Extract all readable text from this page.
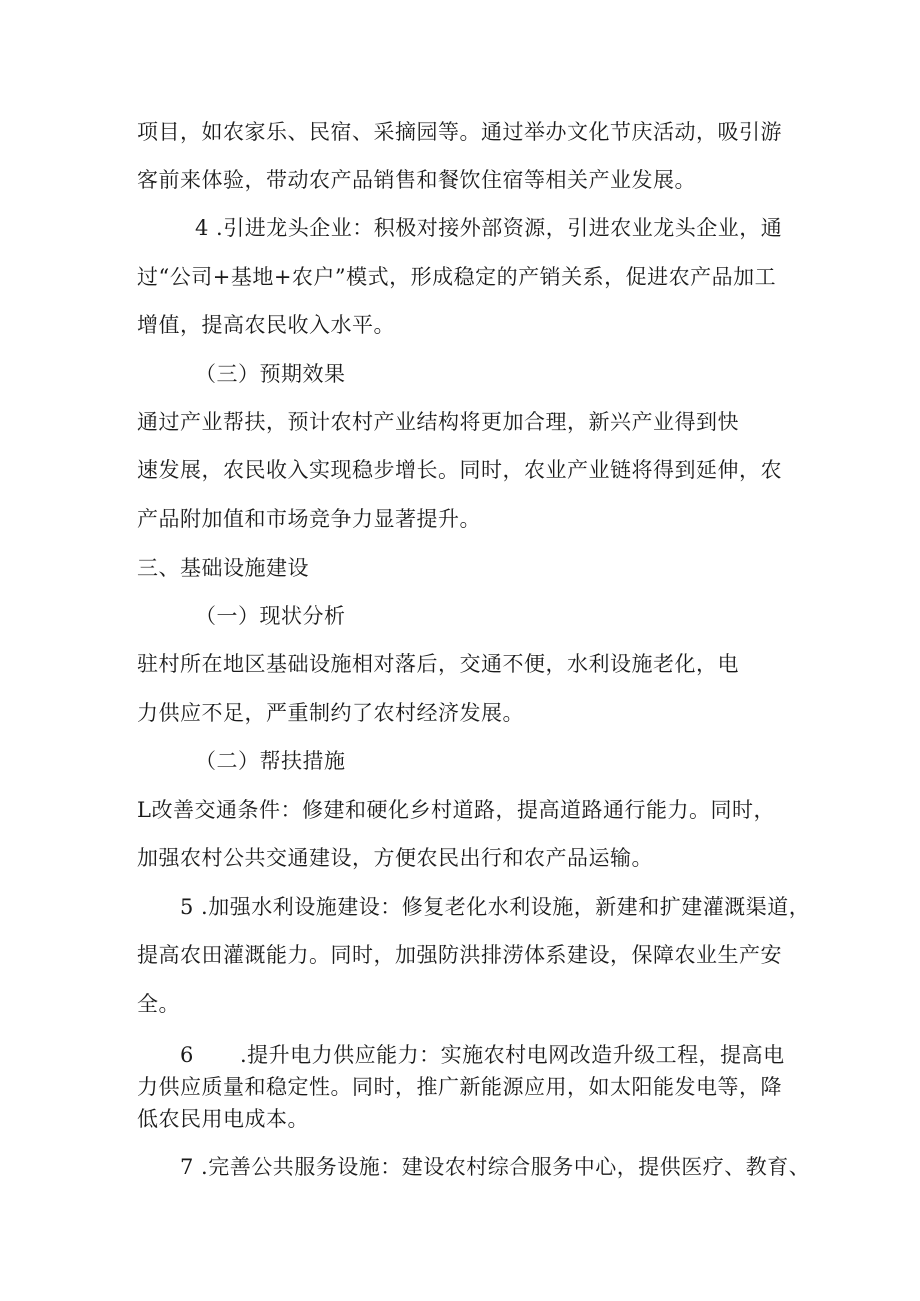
项目，如农家乐、民宿、采摘园等。通过举办文化节庆活动，吸引游

客前来体验，带动农产品销售和餐饮住宿等相关产业发展。

4 .引进龙头企业：积极对接外部资源，引进农业龙头企业，通

过“公司+基地+农户”模式，形成稳定的产销关系，促进农产品加工

增值，提高农民收入水平。

（三）预期效果

通过产业帮扶，预计农村产业结构将更加合理，新兴产业得到快

速发展，农民收入实现稳步增长。同时，农业产业链将得到延伸，农

产品附加值和市场竞争力显著提升。

三、基础设施建设

（一）现状分析

驻村所在地区基础设施相对落后，交通不便，水利设施老化，电

力供应不足，严重制约了农村经济发展。

（二）帮扶措施

L改善交通条件：修建和硬化乡村道路，提高道路通行能力。同时，

加强农村公共交通建设，方便农民出行和农产品运输。

5 .加强水利设施建设：修复老化水利设施，新建和扩建灌溉渠道，

提高农田灌溉能力。同时，加强防洪排涝体系建设，保障农业生产安

全。

6 .提升电力供应能力：实施农村电网改造升级工程，提高电

力供应质量和稳定性。同时，推广新能源应用，如太阳能发电等，降

低农民用电成本。

7 .完善公共服务设施：建设农村综合服务中心，提供医疗、教育、
